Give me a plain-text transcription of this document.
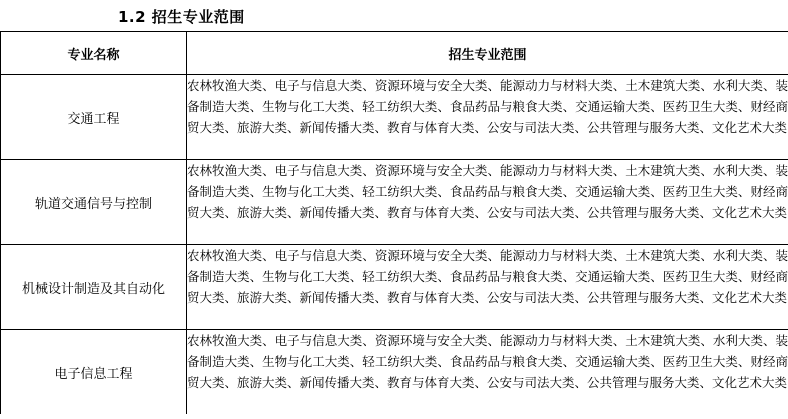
1.2 招生专业范围
专业名称	招生专业范围
交通工程	农林牧渔大类、电子与信息大类、资源环境与安全大类、能源动力与材料大类、土木建筑大类、水利大类、装备制造大类、生物与化工大类、轻工纺织大类、食品药品与粮食大类、交通运输大类、医药卫生大类、财经商贸大类、旅游大类、新闻传播大类、教育与体育大类、公安与司法大类、公共管理与服务大类、文化艺术大类
轨道交通信号与控制	农林牧渔大类、电子与信息大类、资源环境与安全大类、能源动力与材料大类、土木建筑大类、水利大类、装备制造大类、生物与化工大类、轻工纺织大类、食品药品与粮食大类、交通运输大类、医药卫生大类、财经商贸大类、旅游大类、新闻传播大类、教育与体育大类、公安与司法大类、公共管理与服务大类、文化艺术大类
机械设计制造及其自动化	农林牧渔大类、电子与信息大类、资源环境与安全大类、能源动力与材料大类、土木建筑大类、水利大类、装备制造大类、生物与化工大类、轻工纺织大类、食品药品与粮食大类、交通运输大类、医药卫生大类、财经商贸大类、旅游大类、新闻传播大类、教育与体育大类、公安与司法大类、公共管理与服务大类、文化艺术大类
电子信息工程	农林牧渔大类、电子与信息大类、资源环境与安全大类、能源动力与材料大类、土木建筑大类、水利大类、装备制造大类、生物与化工大类、轻工纺织大类、食品药品与粮食大类、交通运输大类、医药卫生大类、财经商贸大类、旅游大类、新闻传播大类、教育与体育大类、公安与司法大类、公共管理与服务大类、文化艺术大类
